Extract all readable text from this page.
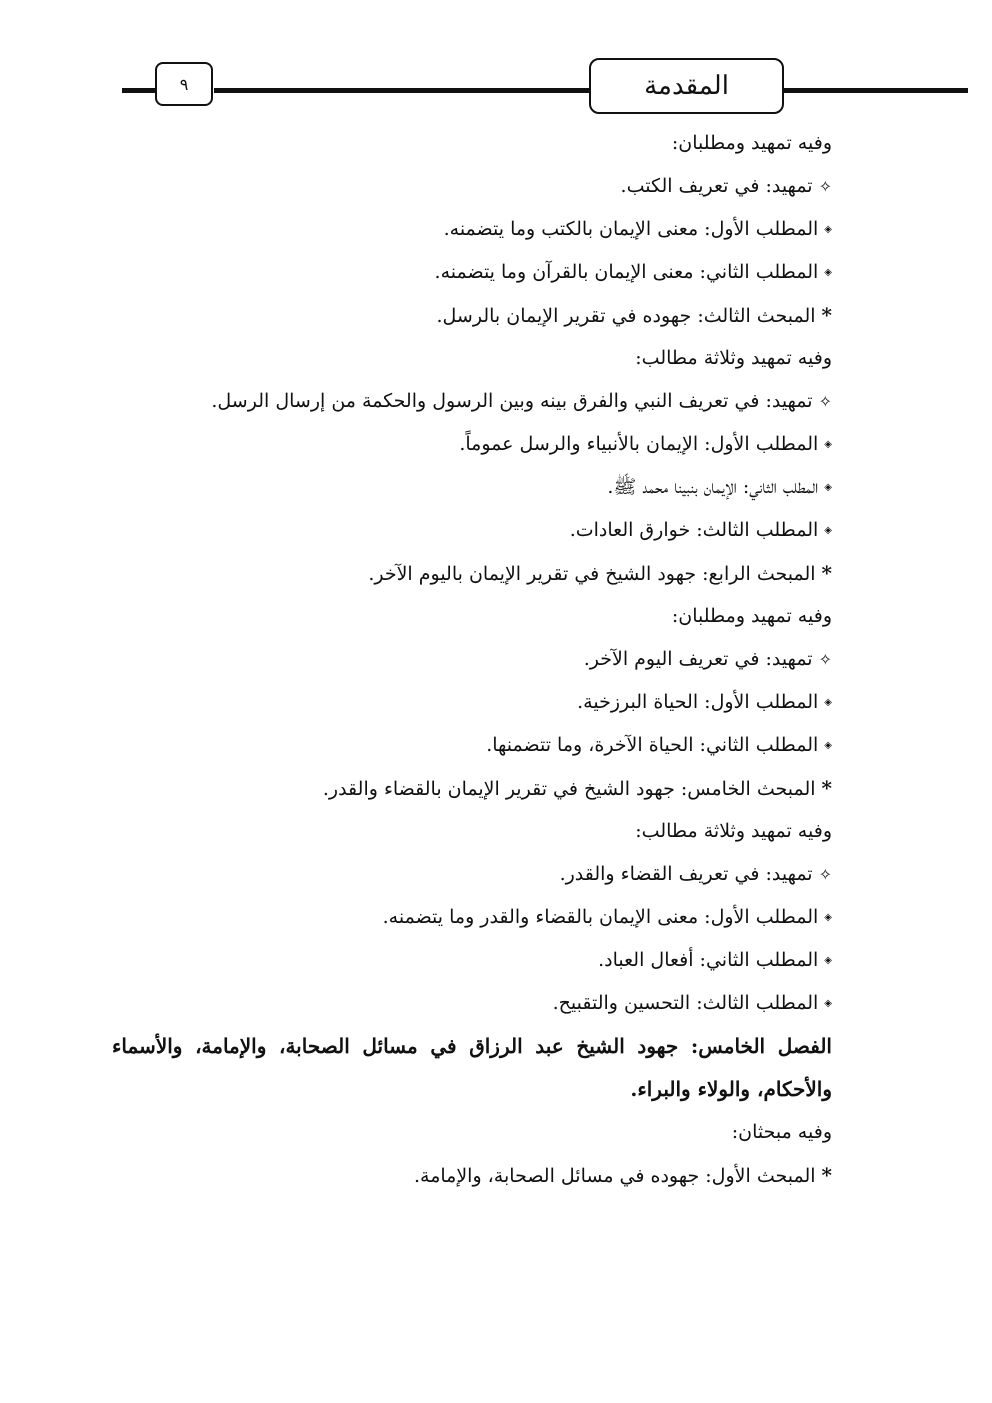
٩	المقدمة
وفيه تمهيد ومطلبان:
✧تمهيد: في تعريف الكتب.
◈المطلب الأول: معنى الإيمان بالكتب وما يتضمنه.
◈المطلب الثاني: معنى الإيمان بالقرآن وما يتضمنه.
*المبحث الثالث: جهوده في تقرير الإيمان بالرسل.
وفيه تمهيد وثلاثة مطالب:
✧تمهيد: في تعريف النبي والفرق بينه وبين الرسول والحكمة من إرسال الرسل.
◈المطلب الأول: الإيمان بالأنبياء والرسل عموماً.
◈المطلب الثاني: الإيمان بنبينا محمد ﷺ.
◈المطلب الثالث: خوارق العادات.
*المبحث الرابع: جهود الشيخ في تقرير الإيمان باليوم الآخر.
وفيه تمهيد ومطلبان:
✧تمهيد: في تعريف اليوم الآخر.
◈المطلب الأول: الحياة البرزخية.
◈المطلب الثاني: الحياة الآخرة، وما تتضمنها.
*المبحث الخامس: جهود الشيخ في تقرير الإيمان بالقضاء والقدر.
وفيه تمهيد وثلاثة مطالب:
✧تمهيد: في تعريف القضاء والقدر.
◈المطلب الأول: معنى الإيمان بالقضاء والقدر وما يتضمنه.
◈المطلب الثاني: أفعال العباد.
◈المطلب الثالث: التحسين والتقبيح.
الفصل الخامس: جهود الشيخ عبد الرزاق في مسائل الصحابة، والإمامة، والأسماء والأحكام، والولاء والبراء.
وفيه مبحثان:
*المبحث الأول: جهوده في مسائل الصحابة، والإمامة.
